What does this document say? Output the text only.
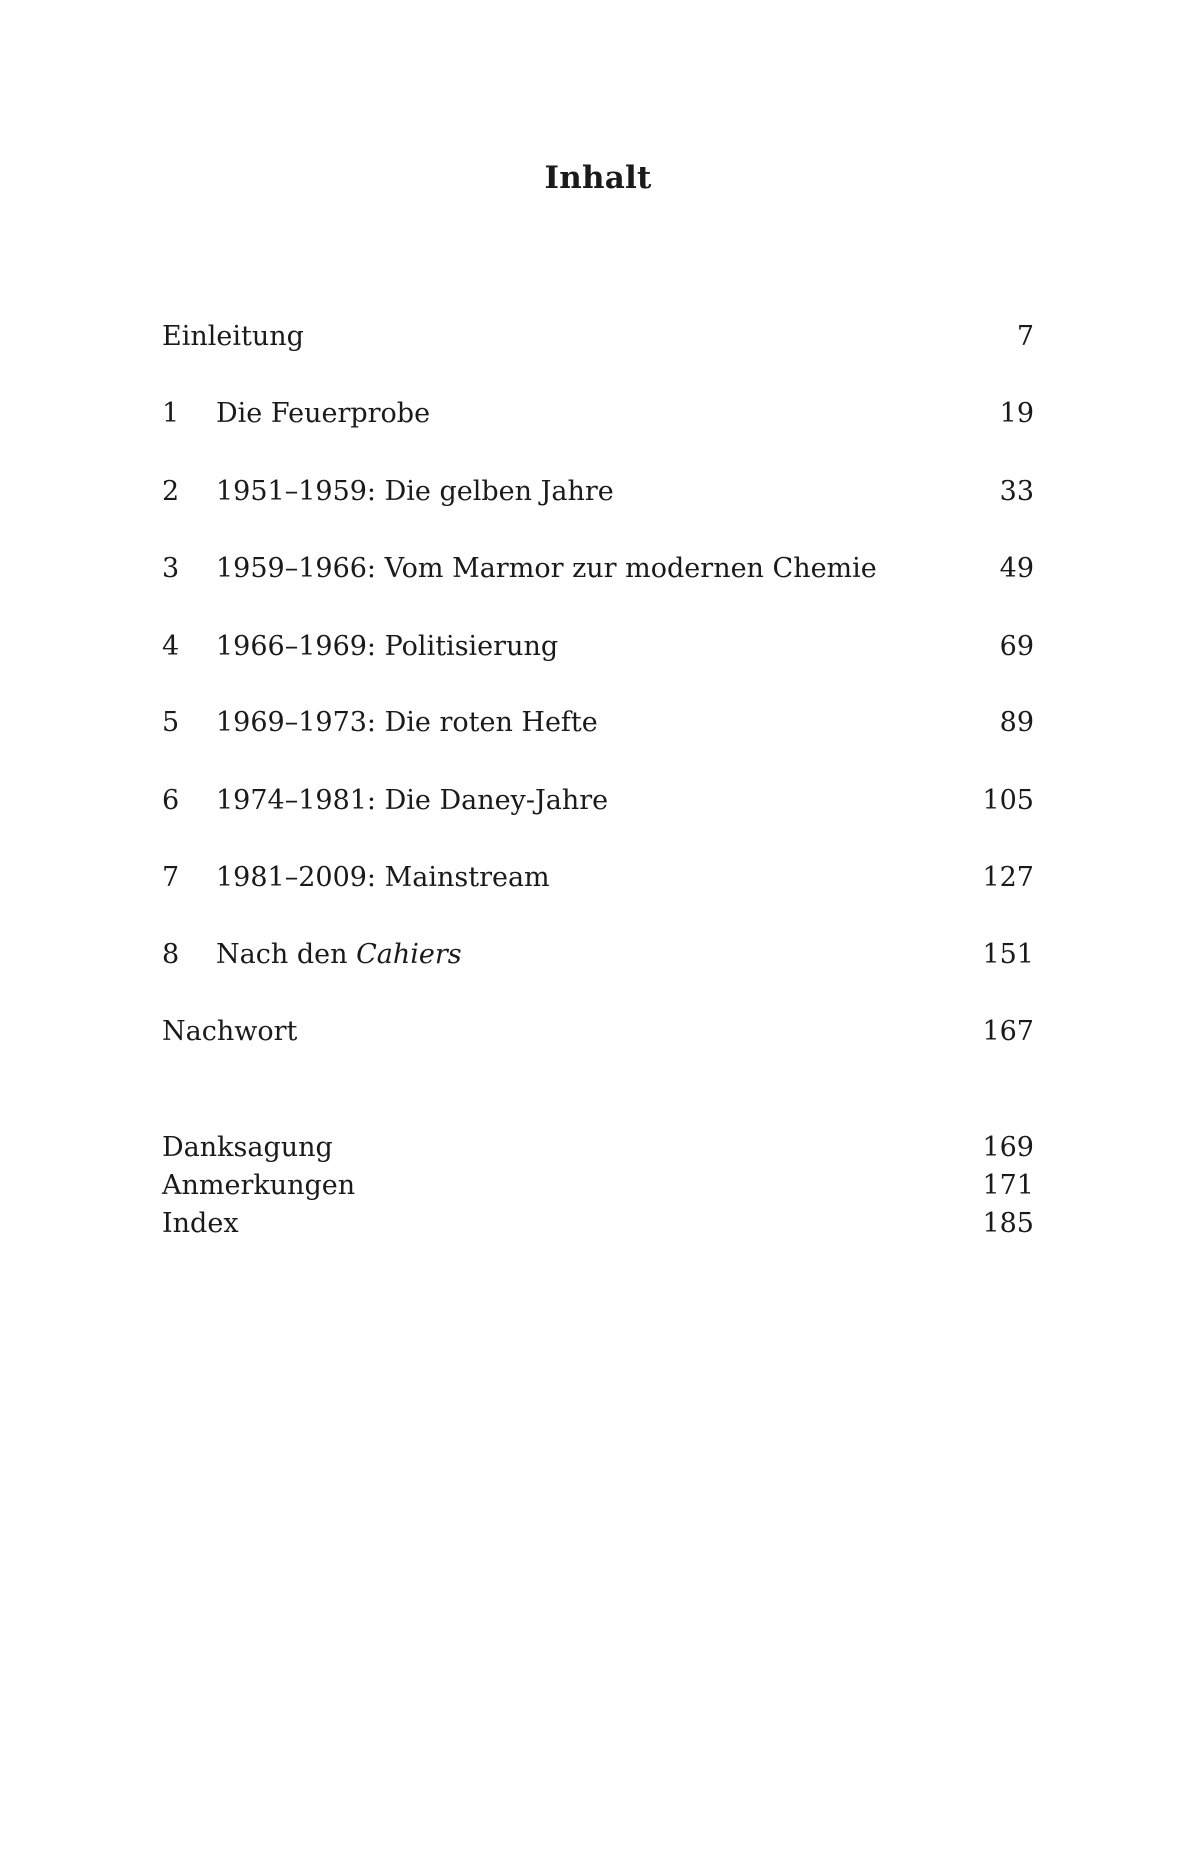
Inhalt
Einleitung	7
1 Die Feuerprobe	19
2 1951–1959: Die gelben Jahre	33
3 1959–1966: Vom Marmor zur modernen Chemie	49
4 1966–1969: Politisierung	69
5 1969–1973: Die roten Hefte	89
6 1974–1981: Die Daney-Jahre	105
7 1981–2009: Mainstream	127
8 Nach den Cahiers	151
Nachwort	167
Danksagung	169
Anmerkungen	171
Index	185
